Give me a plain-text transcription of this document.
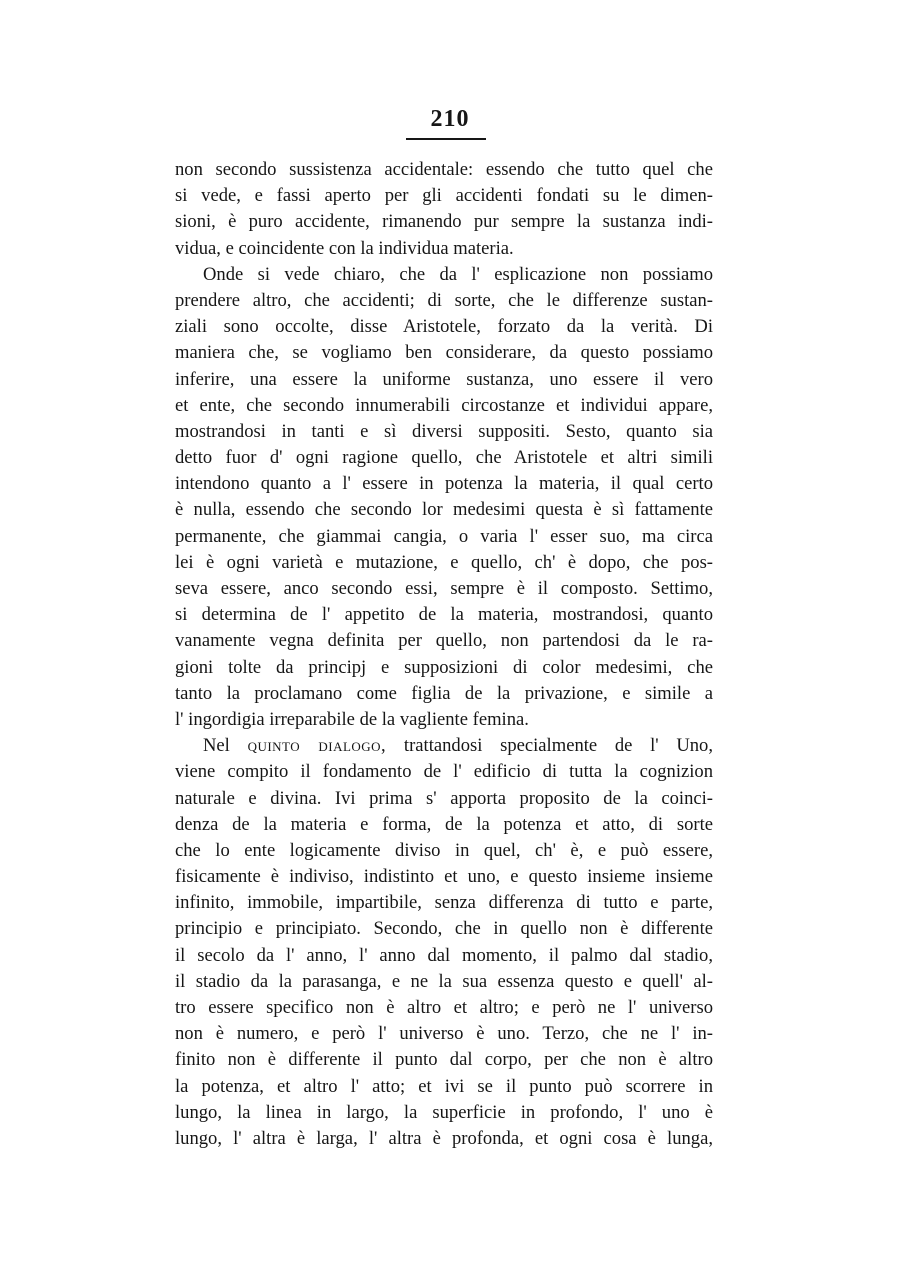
210
non secondo sussistenza accidentale: essendo che tutto quel che
si vede, e fassi aperto per gli accidenti fondati su le dimen-
sioni, è puro accidente, rimanendo pur sempre la sustanza indi-
vidua, e coincidente con la individua materia.
Onde si vede chiaro, che da l' esplicazione non possiamo
prendere altro, che accidenti; di sorte, che le differenze sustan-
ziali sono occolte, disse Aristotele, forzato da la verità. Di
maniera che, se vogliamo ben considerare, da questo possiamo
inferire, una essere la uniforme sustanza, uno essere il vero
et ente, che secondo innumerabili circostanze et individui appare,
mostrandosi in tanti e sì diversi suppositi. Sesto, quanto sia
detto fuor d' ogni ragione quello, che Aristotele et altri simili
intendono quanto a l' essere in potenza la materia, il qual certo
è nulla, essendo che secondo lor medesimi questa è sì fattamente
permanente, che giammai cangia, o varia l' esser suo, ma circa
lei è ogni varietà e mutazione, e quello, ch' è dopo, che pos-
seva essere, anco secondo essi, sempre è il composto. Settimo,
si determina de l' appetito de la materia, mostrandosi, quanto
vanamente vegna definita per quello, non partendosi da le ra-
gioni tolte da principj e supposizioni di color medesimi, che
tanto la proclamano come figlia de la privazione, e simile a
l' ingordigia irreparabile de la vagliente femina.
Nel quinto dialogo, trattandosi specialmente de l' Uno,
viene compito il fondamento de l' edificio di tutta la cognizion
naturale e divina. Ivi prima s' apporta proposito de la coinci-
denza de la materia e forma, de la potenza et atto, di sorte
che lo ente logicamente diviso in quel, ch' è, e può essere,
fisicamente è indiviso, indistinto et uno, e questo insieme insieme
infinito, immobile, impartibile, senza differenza di tutto e parte,
principio e principiato. Secondo, che in quello non è differente
il secolo da l' anno, l' anno dal momento, il palmo dal stadio,
il stadio da la parasanga, e ne la sua essenza questo e quell' al-
tro essere specifico non è altro et altro; e però ne l' universo
non è numero, e però l' universo è uno. Terzo, che ne l' in-
finito non è differente il punto dal corpo, per che non è altro
la potenza, et altro l' atto; et ivi se il punto può scorrere in
lungo, la linea in largo, la superficie in profondo, l' uno è
lungo, l' altra è larga, l' altra è profonda, et ogni cosa è lunga,
